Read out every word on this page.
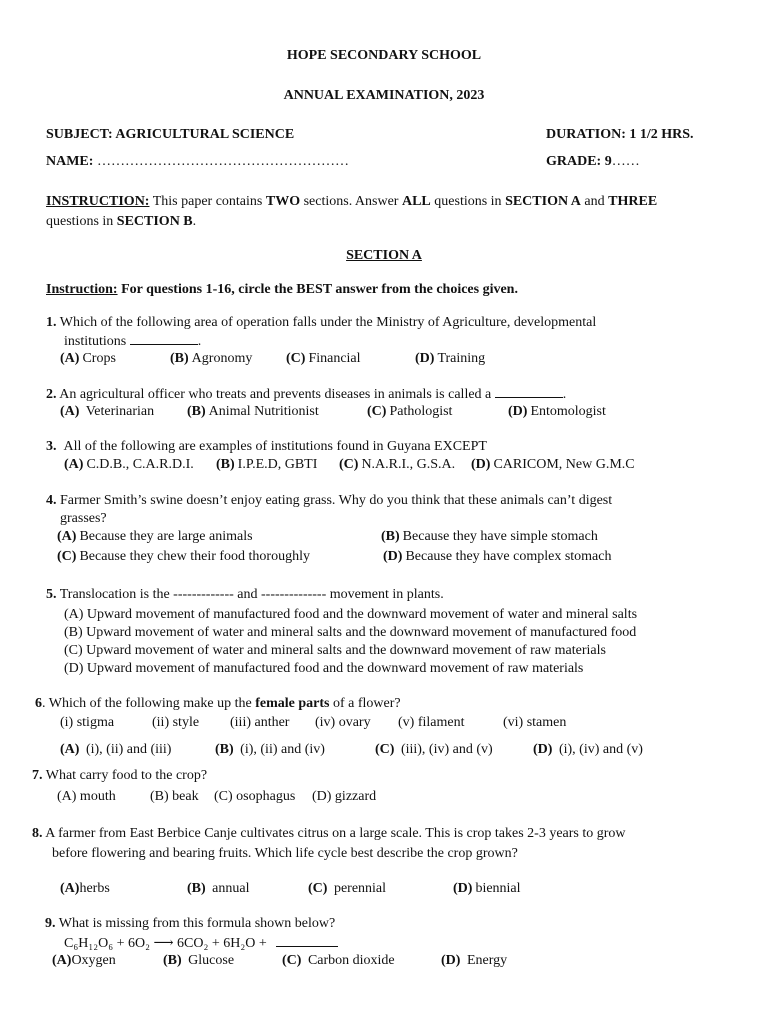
HOPE SECONDARY SCHOOL
ANNUAL EXAMINATION, 2023
SUBJECT: AGRICULTURAL SCIENCE	DURATION: 1 1/2 HRS.
NAME: ………………………………………………	GRADE: 9……
INSTRUCTION: This paper contains TWO sections. Answer ALL questions in SECTION A and THREE
questions in SECTION B.
SECTION A
Instruction: For questions 1-16, circle the BEST answer from the choices given.
1. Which of the following area of operation falls under the Ministry of Agriculture, developmental
institutions	.
(A) Crops	(B) Agronomy (C) Financial	(D) Training
2. An agricultural officer who treats and prevents diseases in animals is called a	.
(A) Veterinarian (B) Animal Nutritionist	(C) Pathologist	(D) Entomologist
3. All of the following are examples of institutions found in Guyana EXCEPT
(A) C.D.B., C.A.R.D.I. (B) I.P.E.D, GBTI (C) N.A.R.I., G.S.A. (D) CARICOM, New G.M.C
4. Farmer Smith’s swine doesn’t enjoy eating grass. Why do you think that these animals can’t digest
grasses?
(A) Because they are large animals	(B) Because they have simple stomach
(C) Because they chew their food thoroughly	(D) Because they have complex stomach
5. Translocation is the ------------- and -------------- movement in plants.
(A) Upward movement of manufactured food and the downward movement of water and mineral salts
(B) Upward movement of water and mineral salts and the downward movement of manufactured food
(C) Upward movement of water and mineral salts and the downward movement of raw materials
(D) Upward movement of manufactured food and the downward movement of raw materials
6. Which of the following make up the female parts of a flower?
(i) stigma	(ii) style (iii) anther (iv) ovary (v) filament	(vi) stamen
(A) (i), (ii) and (iii)	(B) (i), (ii) and (iv)	(C) (iii), (iv) and (v)	(D) (i), (iv) and (v)
7. What carry food to the crop?
(A) mouth (B) beak (C) osophagus (D) gizzard
8. A farmer from East Berbice Canje cultivates citrus on a large scale. This is crop takes 2-3 years to grow
before flowering and bearing fruits. Which life cycle best describe the crop grown?
(A)herbs	(B) annual	(C) perennial	(D) biennial
9. What is missing from this formula shown below?
C₆H₁₂O₆ + 6O₂ ⟶ 6CO₂ + 6H₂O +
(A)Oxygen	(B) Glucose	(C) Carbon dioxide	(D) Energy
